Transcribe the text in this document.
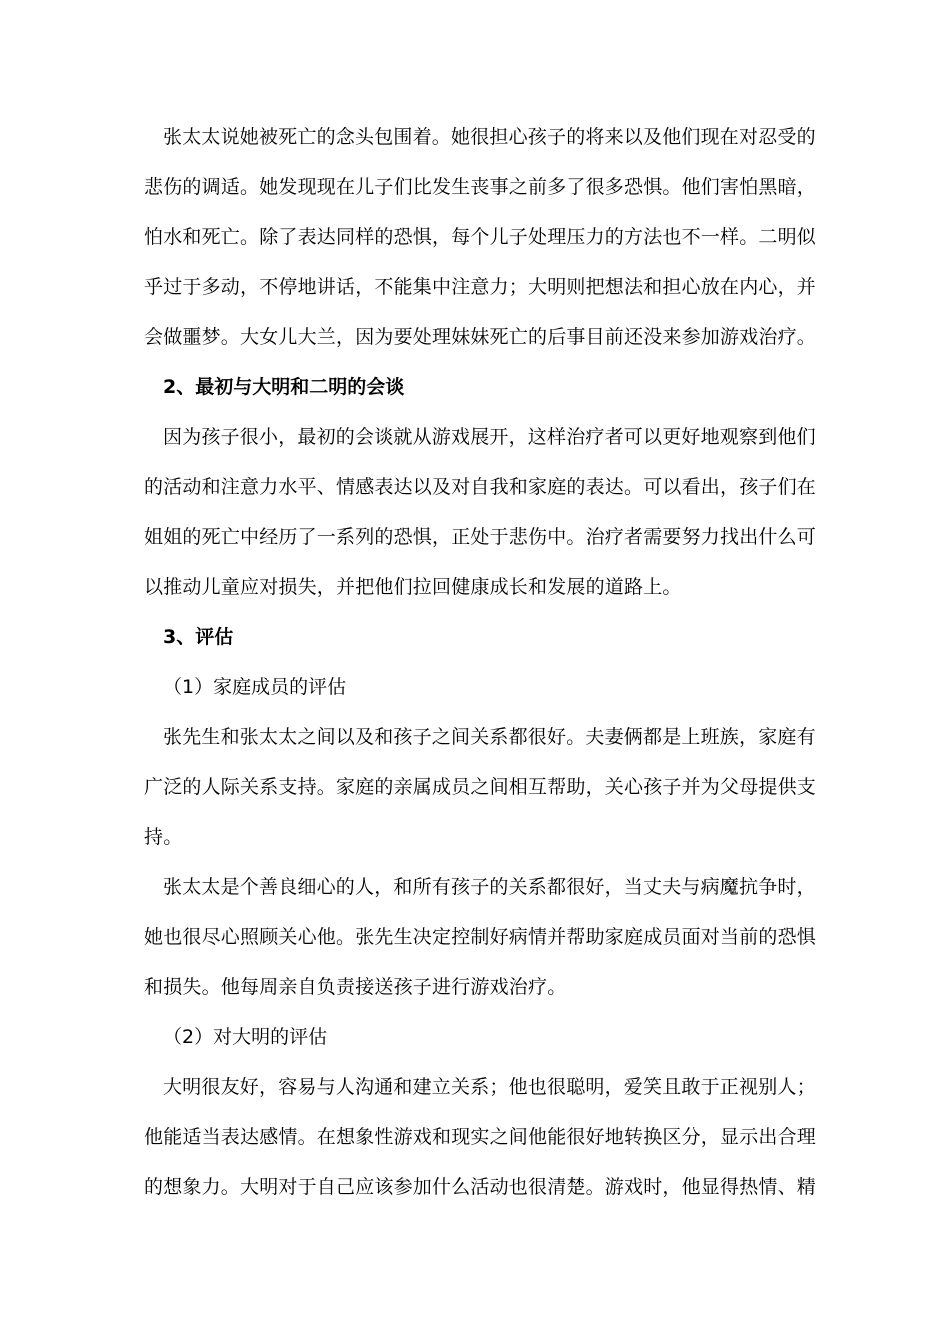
张太太说她被死亡的念头包围着。她很担心孩子的将来以及他们现在对忍受的
悲伤的调适。她发现现在儿子们比发生丧事之前多了很多恐惧。他们害怕黑暗，
怕水和死亡。除了表达同样的恐惧，每个儿子处理压力的方法也不一样。二明似
乎过于多动，不停地讲话，不能集中注意力；大明则把想法和担心放在内心，并
会做噩梦。大女儿大兰，因为要处理妹妹死亡的后事目前还没来参加游戏治疗。
2、最初与大明和二明的会谈
因为孩子很小，最初的会谈就从游戏展开，这样治疗者可以更好地观察到他们
的活动和注意力水平、情感表达以及对自我和家庭的表达。可以看出，孩子们在
姐姐的死亡中经历了一系列的恐惧，正处于悲伤中。治疗者需要努力找出什么可
以推动儿童应对损失，并把他们拉回健康成长和发展的道路上。
3、评估
（1）家庭成员的评估
张先生和张太太之间以及和孩子之间关系都很好。夫妻俩都是上班族，家庭有
广泛的人际关系支持。家庭的亲属成员之间相互帮助，关心孩子并为父母提供支
持。
张太太是个善良细心的人，和所有孩子的关系都很好，当丈夫与病魔抗争时，
她也很尽心照顾关心他。张先生决定控制好病情并帮助家庭成员面对当前的恐惧
和损失。他每周亲自负责接送孩子进行游戏治疗。
（2）对大明的评估
大明很友好，容易与人沟通和建立关系；他也很聪明，爱笑且敢于正视别人；
他能适当表达感情。在想象性游戏和现实之间他能很好地转换区分，显示出合理
的想象力。大明对于自己应该参加什么活动也很清楚。游戏时，他显得热情、精
